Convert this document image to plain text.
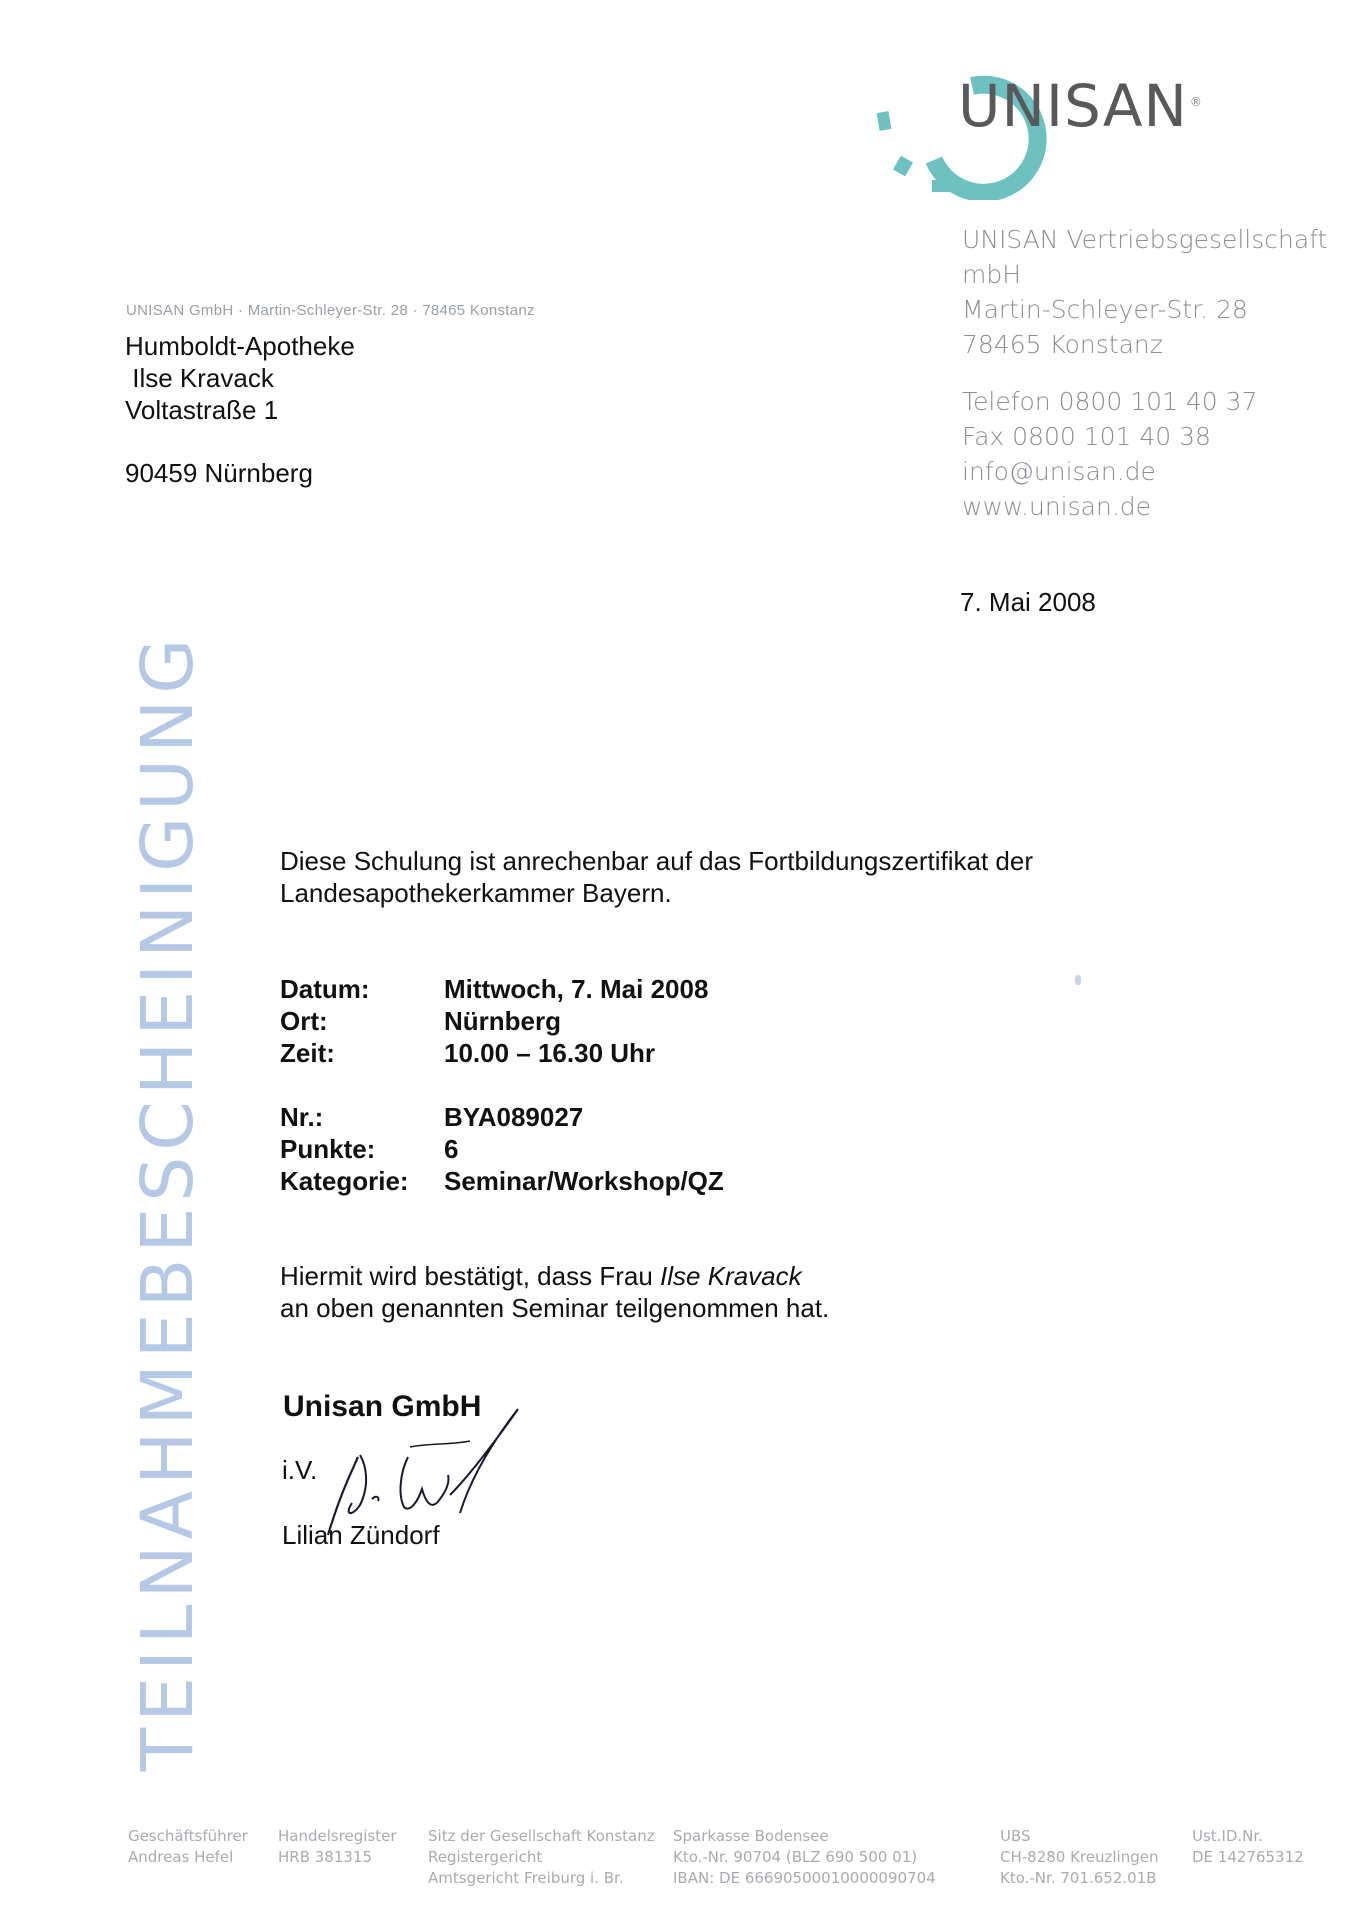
UNISAN ®
UNISAN GmbH · Martin-Schleyer-Str. 28 · 78465 Konstanz
Humboldt-Apotheke
Ilse Kravack
Voltastraße 1
90459 Nürnberg
UNISAN Vertriebsgesellschaft mbH
Martin-Schleyer-Str. 28
78465 Konstanz
Telefon 0800 101 40 37
Fax 0800 101 40 38
info@unisan.de
www.unisan.de
7. Mai 2008
TEILNAHMEBESCHEINIGUNG	Diese Schulung ist anrechenbar auf das Fortbildungszertifikat der
Landesapothekerkammer Bayern.
Datum:	Mittwoch, 7. Mai 2008
Ort:	Nürnberg
Zeit:	10.00 – 16.30 Uhr
Nr.:	BYA089027
Punkte:	6
Kategorie:	Seminar/Workshop/QZ
Hiermit wird bestätigt, dass Frau Ilse Kravack
an oben genannten Seminar teilgenommen hat.
Unisan GmbH
i.V.
Lilian Zündorf
Geschäftsführer
Andreas Hefel
Handelsregister
HRB 381315
Sitz der Gesellschaft Konstanz
Registergericht
Amtsgericht Freiburg i. Br.
Sparkasse Bodensee
Kto.-Nr. 90704 (BLZ 690 500 01)
IBAN: DE 66690500010000090704
UBS
CH-8280 Kreuzlingen
Kto.-Nr. 701.652.01B
Ust.ID.Nr.
DE 142765312
